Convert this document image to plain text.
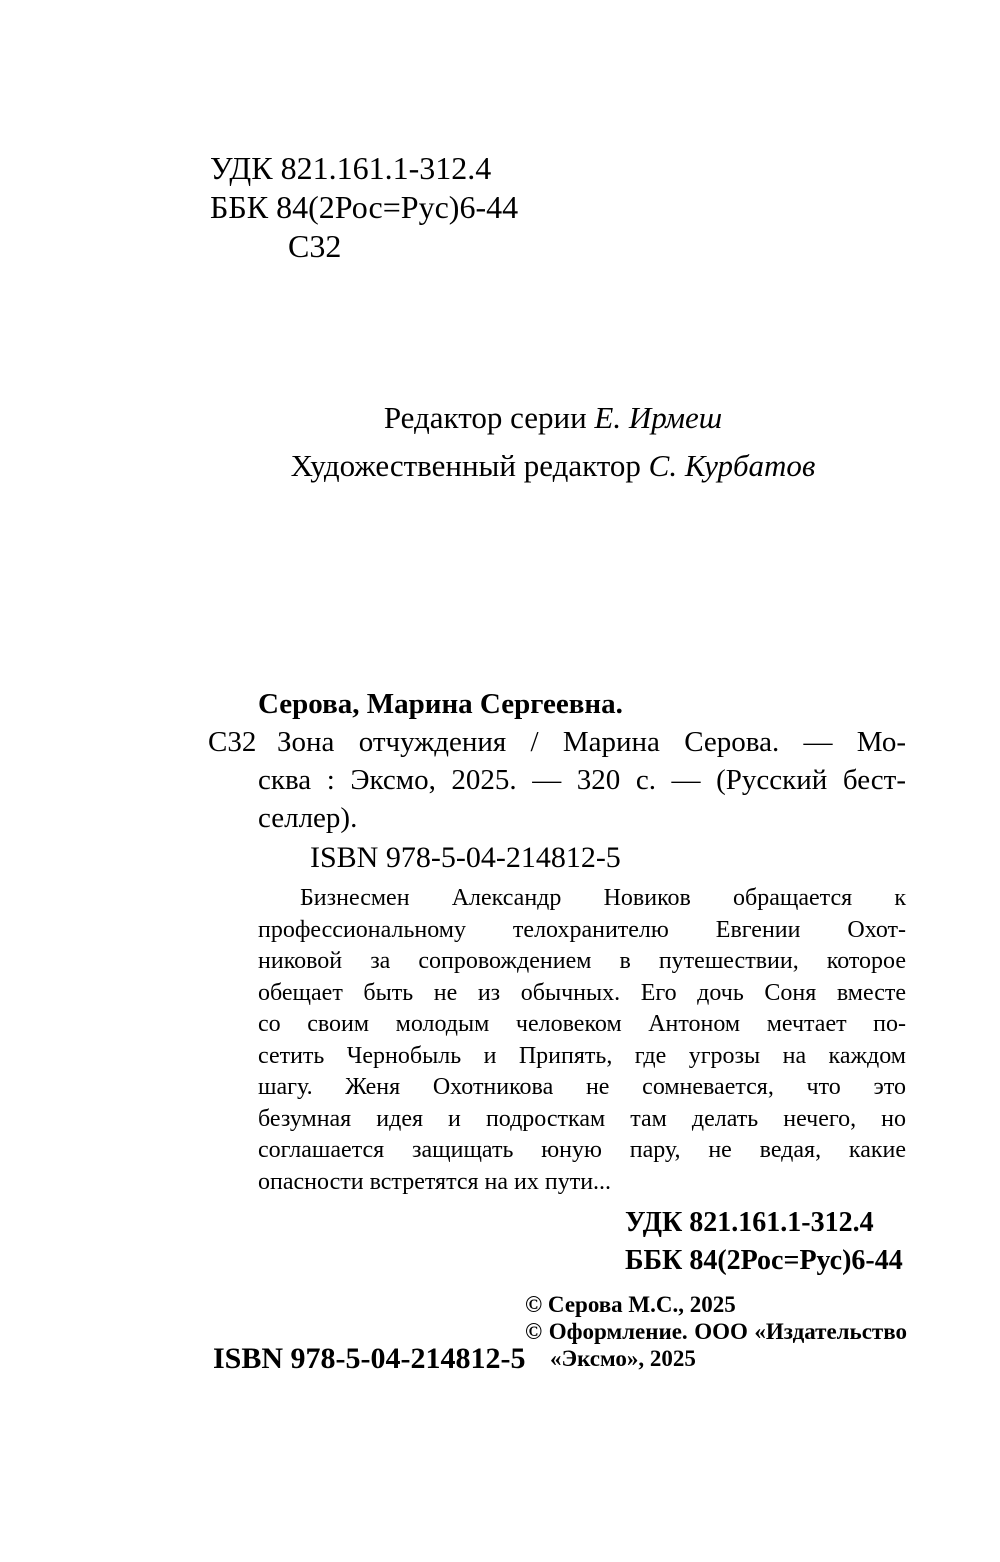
УДК 821.161.1-312.4
ББК 84(2Рос=Рус)6-44
С32
Редактор серии Е. Ирмеш
Художественный редактор С. Курбатов
Серова, Марина Сергеевна.
С32 Зона отчуждения / Марина Серова. — Мо-
сква : Эксмо, 2025. — 320 с. — (Русский бест-
селлер).
ISBN 978-5-04-214812-5
Бизнесмен Александр Новиков обращается к
профессиональному телохранителю Евгении Охот-
никовой за сопровождением в путешествии, которое
обещает быть не из обычных. Его дочь Соня вместе
со своим молодым человеком Антоном мечтает по-
сетить Чернобыль и Припять, где угрозы на каждом
шагу. Женя Охотникова не сомневается, что это
безумная идея и подросткам там делать нечего, но
соглашается защищать юную пару, не ведая, какие
опасности встретятся на их пути...
УДК 821.161.1-312.4
ББК 84(2Рос=Рус)6-44
© Серова М.С., 2025
© Оформление. ООО «Издательство
«Эксмо», 2025
ISBN 978-5-04-214812-5
